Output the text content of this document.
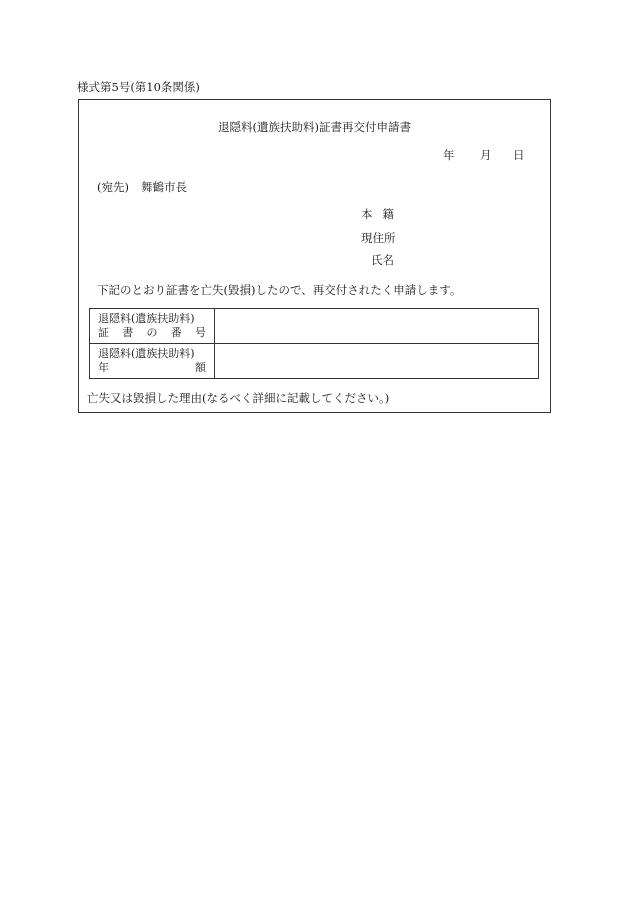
様式第5号(第10条関係)
退隠料(遺族扶助料)証書再交付申請書
年 月 日
(宛先) 舞鶴市長
本籍
現住所
氏名
下記のとおり証書を亡失(毀損)したので、再交付されたく申請します。
退隠料(遺族扶助料)
証書の番号	

退隠料(遺族扶助料)
年額	

亡失又は毀損した理由(なるべく詳細に記載してください。)
